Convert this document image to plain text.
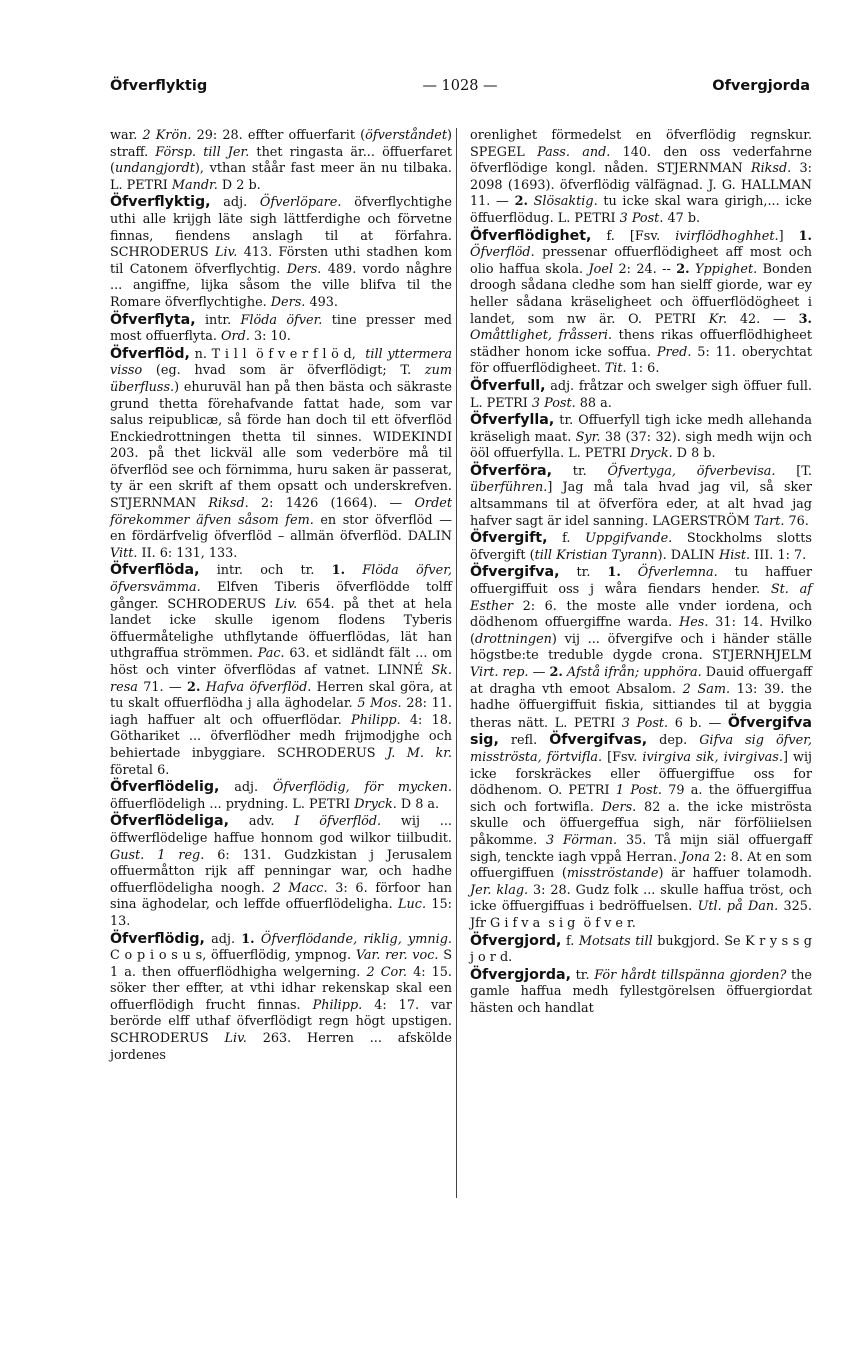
Öfverflyktig	— 1028 —	Ofvergjorda

war. 2 Krön. 29: 28. effter offuerfarit (öfverståndet) straff. Försp. till Jer. thet ringasta är... öffuerfaret (undangjordt), vthan ståår fast meer än nu tilbaka. L. PETRI Mandr. D 2 b.

Öfverflyktig, adj. Öfverlöpare. öfverflychtighe uthi alle krijgh läte sigh lättferdighe och förvetne finnas, fiendens anslagh til at förfahra. SCHRODERUS Liv. 413. Försten uthi stadhen kom til Catonem öfverflychtig. Ders. 489. vordo någhre ... angiffne, lijka såsom the ville blifva til the Romare öfverflychtighe. Ders. 493.

Öfverflyta, intr. Flöda öfver. tine presser med most offuerflyta. Ord. 3: 10.

Öfverflöd, n. T i l l  ö f v e r f l ö d,  till yttermera visso (eg. hvad som är öfverflödigt; T. zum überfluss.) ehuruväl han på then bästa och säkraste grund thetta förehafvande fattat hade, som var salus reipublicæ, så förde han doch til ett öfverflöd Enckiedrottningen thetta til sinnes. WIDEKINDI 203. på thet lickväl alle som vederböre må til öfverflöd see och förnimma, huru saken är passerat, ty är een skrift af them opsatt och underskrefven. STJERNMAN Riksd. 2: 1426 (1664). — Ordet förekommer äfven såsom fem. en stor öfverflöd — en fördärfvelig öfverflöd – allmän öfverflöd. DALIN Vitt. II. 6: 131, 133.

Öfverflöda, intr. och tr. 1. Flöda öfver, öfversvämma. Elfven Tiberis öfverflödde tolff gånger. SCHRODERUS Liv. 654. på thet at hela landet icke skulle igenom flodens Tyberis öffuermåtelighe uthflytande öffuerflödas, lät han uthgraffua strömmen. Pac. 63. et sidländt fält ... om höst och vinter öfverflödas af vatnet. LINNÉ Sk. resa 71. — 2. Hafva öfverflöd. Herren skal göra, at tu skalt offuerflödha j alla äghodelar. 5 Mos. 28: 11. iagh haffuer alt och offuerflödar. Philipp. 4: 18. Göthariket ... öfverflödher medh frijmodjghe och behiertade inbyggiare. SCHRODERUS J. M. kr. företal 6.

Öfverflödelig, adj. Öfverflödig, för mycken. öffuerflödeligh ... prydning. L. PETRI Dryck. D 8 a.

Öfverflödeliga, adv. I öfverflöd. wij ... öffwerflödelige haffue honnom god wilkor tiilbudit. Gust. 1 reg. 6: 131. Gudzkistan j Jerusalem offuermåtton rijk aff penningar war, och hadhe offuerflödeligha noogh. 2 Macc. 3: 6. förfoor han sina äghodelar, och leffde offuerflödeligha. Luc. 15: 13.

Öfverflödig, adj. 1. Öfverflödande, riklig, ymnig. C o p i o s u s, öffuerflödig, ympnog. Var. rer. voc. S 1 a. then offuerflödhigha welgerning. 2 Cor. 4: 15. söker ther effter, at vthi idhar rekenskap skal een offuerflödigh frucht finnas. Philipp. 4: 17. var berörde elff uthaf öfverflödigt regn högt upstigen. SCHRODERUS Liv. 263. Herren ... afskölde jordenes

orenlighet förmedelst en öfverflödig regnskur. SPEGEL Pass. and. 140. den oss vederfahrne öfverflödige kongl. nåden. STJERNMAN Riksd. 3: 2098 (1693). öfverflödig välfägnad. J. G. HALLMAN 11. — 2. Slösaktig. tu icke skal wara girigh,... icke öffuerflödug. L. PETRI 3 Post. 47 b.

Öfverflödighet, f. [Fsv. ivirflödhoghhet.] 1. Öfverflöd. pressenar offuerflödigheet aff most och olio haffua skola. Joel 2: 24. -- 2. Yppighet. Bonden droogh sådana cledhe som han sielff giorde, war ey heller sådana kräseligheet och öffuerflödögheet i landet, som nw är. O. PETRI Kr. 42. — 3. Omåttlighet, fråsseri. thens rikas offuerflödhigheet städher honom icke soffua. Pred. 5: 11. oberychtat för offuerflödigheet. Tit. 1: 6.

Öfverfull, adj. fråtzar och swelger sigh öffuer full. L. PETRI 3 Post. 88 a.

Öfverfylla, tr. Offuerfyll tigh icke medh allehanda kräseligh maat. Syr. 38 (37: 32). sigh medh wijn och ööl offuerfylla. L. PETRI Dryck. D 8 b.

Öfverföra, tr. Öfvertyga, öfverbevisa. [T. überführen.] Jag må tala hvad jag vil, så sker altsammans til at öfverföra eder, at alt hvad jag hafver sagt är idel sanning. LAGERSTRÖM Tart. 76.

Öfvergift, f. Uppgifvande. Stockholms slotts öfvergift (till Kristian Tyrann). DALIN Hist. III. 1: 7.

Öfvergifva, tr. 1. Öfverlemna. tu haffuer offuergiffuit oss j wåra fiendars hender. St. af Esther 2: 6. the moste alle vnder iordena, och dödhenom offuergiffne warda. Hes. 31: 14. Hvilko (drottningen) vij ... öfvergifve och i händer ställe högstbe:te treduble dygde crona. STJERNHJELM Virt. rep. — 2. Afstå ifrån; upphöra. Dauid offuergaff at dragha vth emoot Absalom. 2 Sam. 13: 39. the hadhe öffuergiffuit fiskia, sittiandes til at byggia theras nätt. L. PETRI 3 Post. 6 b. — Öfvergifva sig, refl. Öfvergifvas, dep. Gifva sig öfver, misströsta, förtvifla. [Fsv. ivirgiva sik, ivirgivas.] wij icke forskräckes eller öffuergiffue oss for dödhenom. O. PETRI 1 Post. 79 a. the öffuergiffua sich och fortwifla. Ders. 82 a. the icke miströsta skulle och öffuergeffua sigh, när förföliielsen påkomme. 3 Förman. 35. Tå mijn siäl offuergaff sigh, tenckte iagh vppå Herran. Jona 2: 8. At en som offuergiffuen (misströstande) är haffuer tolamodh. Jer. klag. 3: 28. Gudz folk ... skulle haffua tröst, och icke öffuergiffuas i bedröffuelsen. Utl. på Dan. 325. Jfr G i f v a  s i g  ö f v e r.

Öfvergjord, f. Motsats till bukgjord. Se K r y s s g j o r d.

Öfvergjorda, tr. För hårdt tillspänna gjorden? the gamle haffua medh fyllestgörelsen öffuergiordat hästen och handlat
